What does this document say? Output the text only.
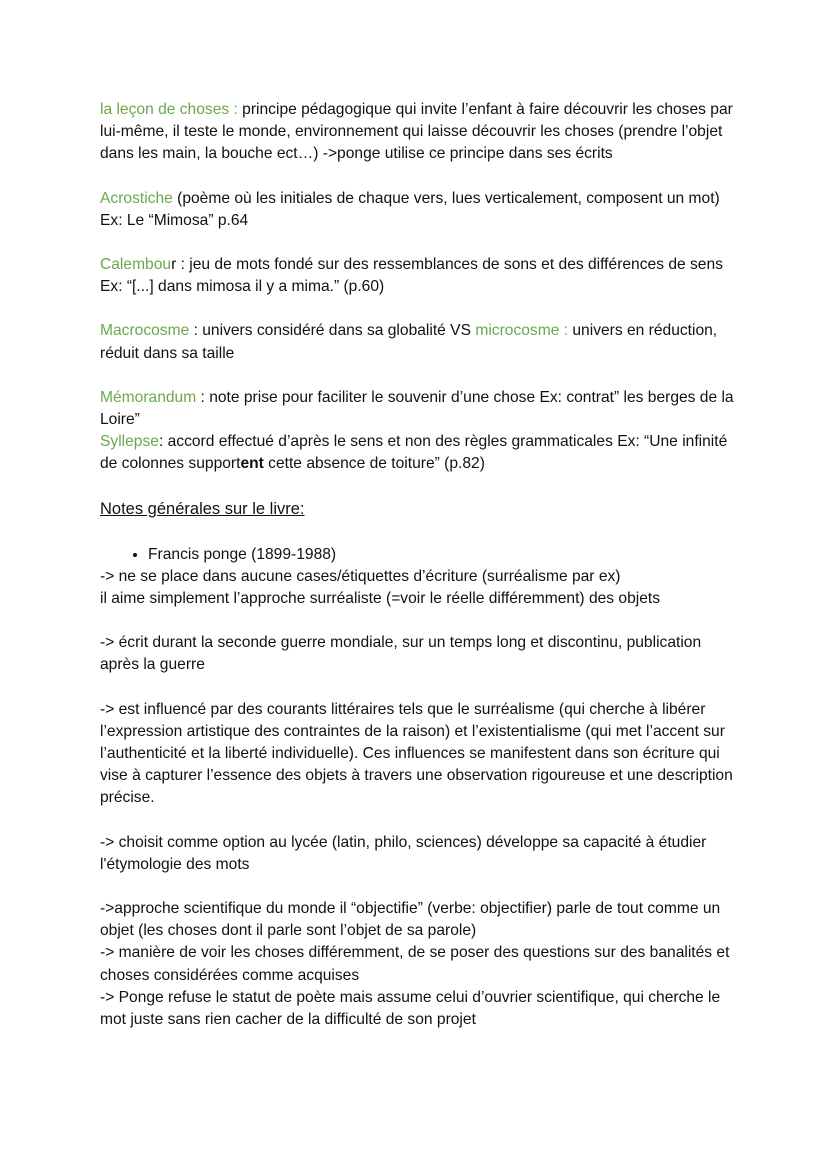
la leçon de choses : principe pédagogique qui invite l’enfant à faire découvrir les choses par lui-même, il teste le monde, environnement qui laisse découvrir les choses (prendre l’objet dans les main, la bouche ect…) ->ponge utilise ce principe dans ses écrits

Acrostiche (poème où les initiales de chaque vers, lues verticalement, composent un mot) Ex: Le “Mimosa” p.64

Calembour : jeu de mots fondé sur des ressemblances de sons et des différences de sens Ex: “[...] dans mimosa il y a mima.” (p.60)

Macrocosme : univers considéré dans sa globalité VS microcosme : univers en réduction, réduit dans sa taille

Mémorandum : note prise pour faciliter le souvenir d’une chose Ex: contrat” les berges de la Loire”

Syllepse: accord effectué d’après le sens et non des règles grammaticales Ex: “Une infinité de colonnes supportent cette absence de toiture” (p.82)

Notes générales sur le livre:
• Francis ponge (1899-1988)

-> ne se place dans aucune cases/étiquettes d’écriture (surréalisme par ex)
il aime simplement l’approche surréaliste (=voir le réelle différemment) des objets

-> écrit durant la seconde guerre mondiale, sur un temps long et discontinu, publication après la guerre

-> est influencé par des courants littéraires tels que le surréalisme (qui cherche à libérer l’expression artistique des contraintes de la raison) et l’existentialisme (qui met l’accent sur l’authenticité et la liberté individuelle). Ces influences se manifestent dans son écriture qui vise à capturer l’essence des objets à travers une observation rigoureuse et une description précise.

-> choisit comme option au lycée (latin, philo, sciences) développe sa capacité à étudier l'étymologie des mots

->approche scientifique du monde il “objectifie” (verbe: objectifier) parle de tout comme un objet (les choses dont il parle sont l’objet de sa parole)
-> manière de voir les choses différemment, de se poser des questions sur des banalités et choses considérées comme acquises
-> Ponge refuse le statut de poète mais assume celui d’ouvrier scientifique, qui cherche le mot juste sans rien cacher de la difficulté de son projet
